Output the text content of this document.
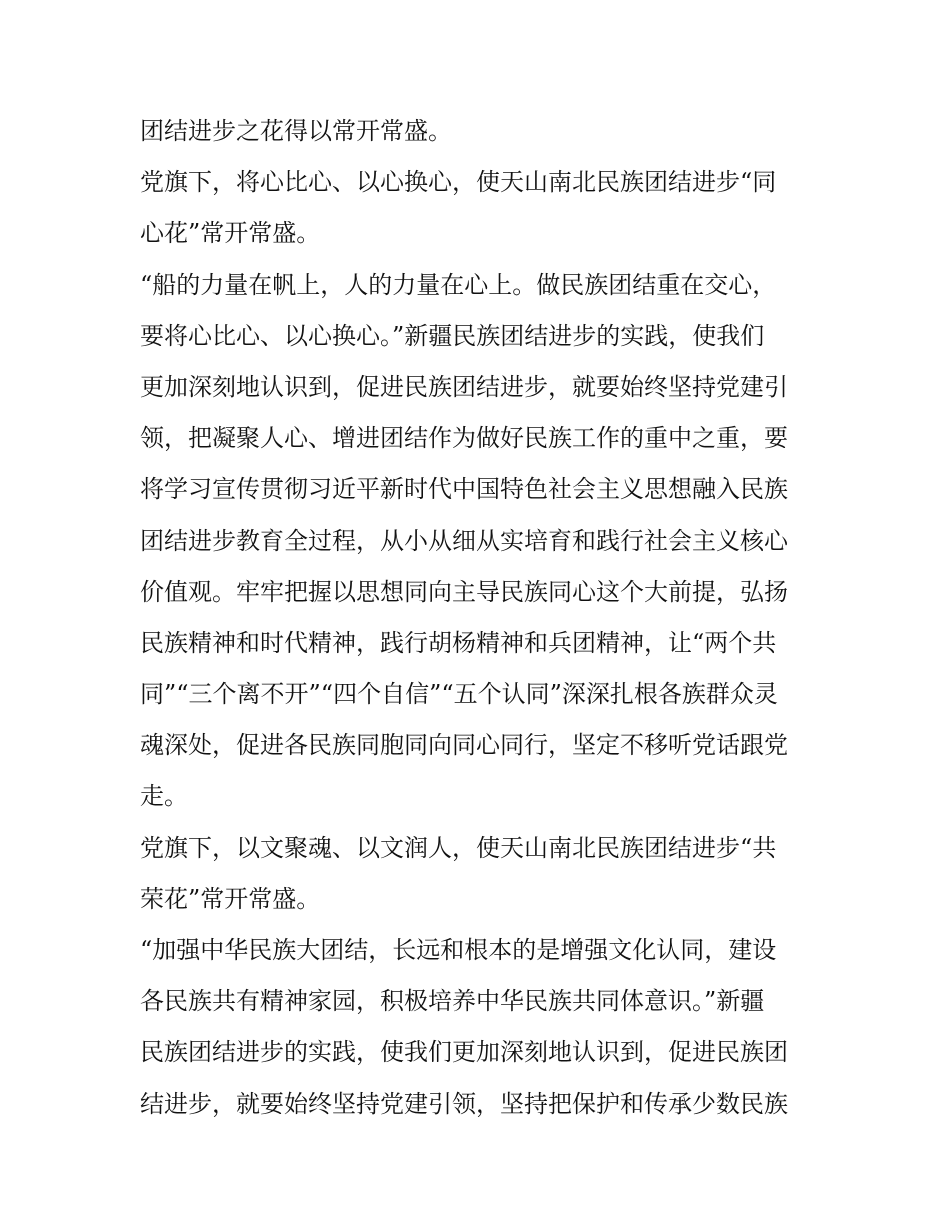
团结进步之花得以常开常盛。
党旗下，将心比心、以心换心，使天山南北民族团结进步“同
心花”常开常盛。
“船的力量在帆上，人的力量在心上。做民族团结重在交心，
要将心比心、以心换心。”新疆民族团结进步的实践，使我们
更加深刻地认识到，促进民族团结进步，就要始终坚持党建引
领，把凝聚人心、增进团结作为做好民族工作的重中之重，要
将学习宣传贯彻习近平新时代中国特色社会主义思想融入民族
团结进步教育全过程，从小从细从实培育和践行社会主义核心
价值观。牢牢把握以思想同向主导民族同心这个大前提，弘扬
民族精神和时代精神，践行胡杨精神和兵团精神，让“两个共
同”“三个离不开”“四个自信”“五个认同”深深扎根各族群众灵
魂深处，促进各民族同胞同向同心同行，坚定不移听党话跟党
走。
党旗下，以文聚魂、以文润人，使天山南北民族团结进步“共
荣花”常开常盛。
“加强中华民族大团结，长远和根本的是增强文化认同，建设
各民族共有精神家园，积极培养中华民族共同体意识。”新疆
民族团结进步的实践，使我们更加深刻地认识到，促进民族团
结进步，就要始终坚持党建引领，坚持把保护和传承少数民族
